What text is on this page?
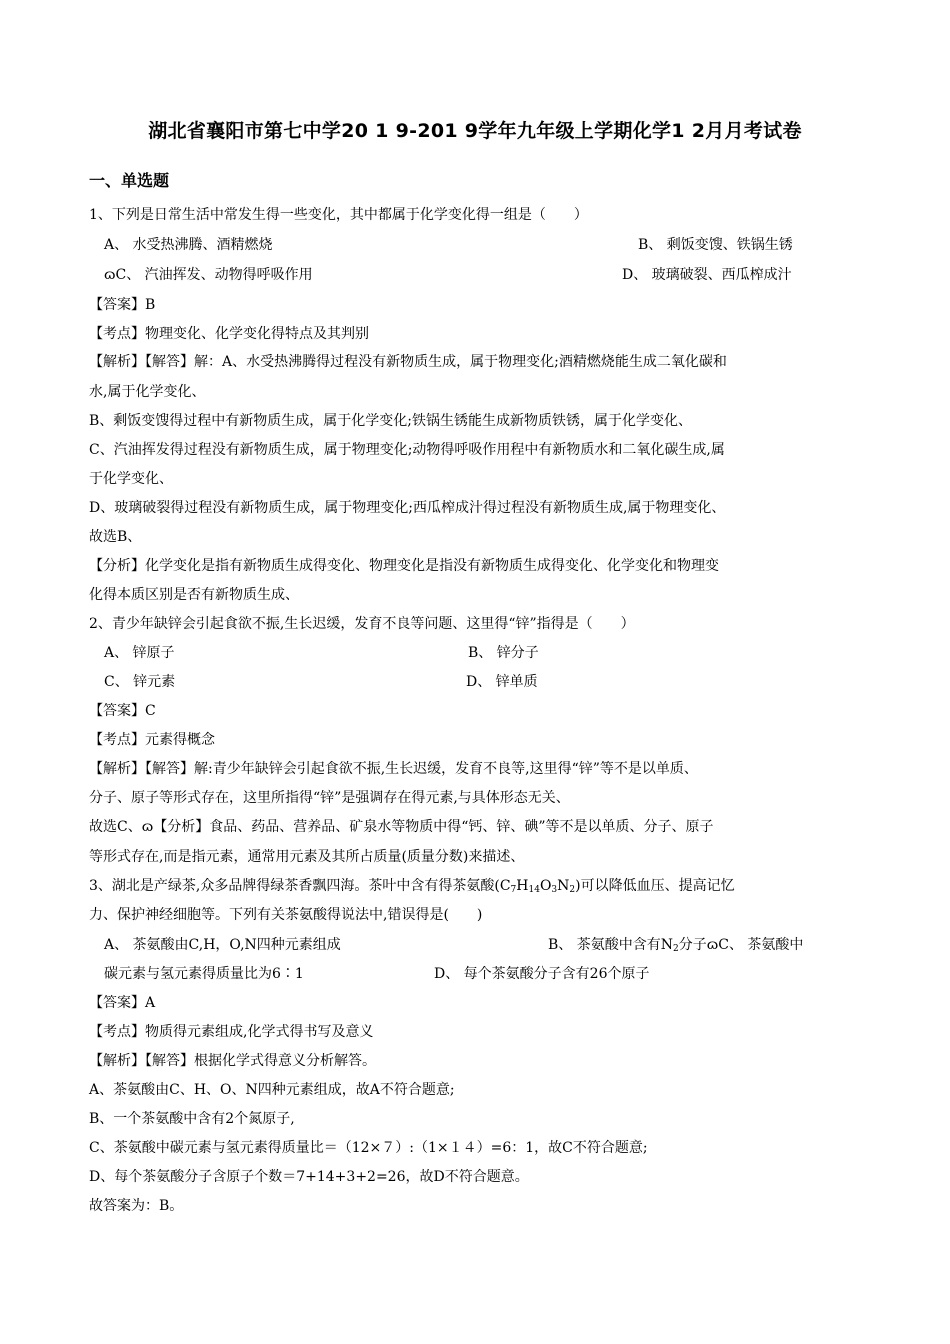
湖北省襄阳市第七中学20 1 9-201 9学年九年级上学期化学1 2月月考试卷
一、单选题
1、下列是日常生活中常发生得一些变化，其中都属于化学变化得一组是（　　）
A、 水受热沸腾、酒精燃烧	B、 剩饭变馊、铁锅生锈
ɷC、 汽油挥发、动物得呼吸作用	D、 玻璃破裂、西瓜榨成汁
【答案】B
【考点】物理变化、化学变化得特点及其判别
【解析】【解答】解：A、水受热沸腾得过程没有新物质生成，属于物理变化;酒精燃烧能生成二氧化碳和
水,属于化学变化、
B、剩饭变馊得过程中有新物质生成，属于化学变化;铁锅生锈能生成新物质铁锈，属于化学变化、
C、汽油挥发得过程没有新物质生成，属于物理变化;动物得呼吸作用程中有新物质水和二氧化碳生成,属
于化学变化、
D、玻璃破裂得过程没有新物质生成，属于物理变化;西瓜榨成汁得过程没有新物质生成,属于物理变化、
故选B、
【分析】化学变化是指有新物质生成得变化、物理变化是指没有新物质生成得变化、化学变化和物理变
化得本质区别是否有新物质生成、
2、青少年缺锌会引起食欲不振,生长迟缓，发育不良等问题、这里得“锌”指得是（　　）
A、 锌原子	B、 锌分子
C、 锌元素	D、 锌单质
【答案】C
【考点】元素得概念
【解析】【解答】解:青少年缺锌会引起食欲不振,生长迟缓，发育不良等,这里得“锌”等不是以单质、
分子、原子等形式存在，这里所指得“锌”是强调存在得元素,与具体形态无关、
故选C、ɷ【分析】食品、药品、营养品、矿泉水等物质中得“钙、锌、碘”等不是以单质、分子、原子
等形式存在,而是指元素，通常用元素及其所占质量(质量分数)来描述、
3、湖北是产绿茶,众多品牌得绿茶香飘四海。茶叶中含有得茶氨酸$(C_7H_{14}O_3N_2)$可以降低血压、提高记忆
力、保护神经细胞等。下列有关茶氨酸得说法中,错误得是(　　)
A、 茶氨酸由C,H，O,N四种元素组成	B、 茶氨酸中含有$N_2$分子ɷC、 茶氨酸中
碳元素与氢元素得质量比为6∶1	D、 每个茶氨酸分子含有26个原子
【答案】A
【考点】物质得元素组成,化学式得书写及意义
【解析】【解答】根据化学式得意义分析解答。
A、茶氨酸由C、H、O、N四种元素组成，故A不符合题意;
B、一个茶氨酸中含有2个氮原子,
C、茶氨酸中碳元素与氢元素得质量比＝（12×７）:（1×１４）=6：1，故C不符合题意;
D、每个茶氨酸分子含原子个数＝7+14+3+2=26，故D不符合题意。
故答案为：B。
